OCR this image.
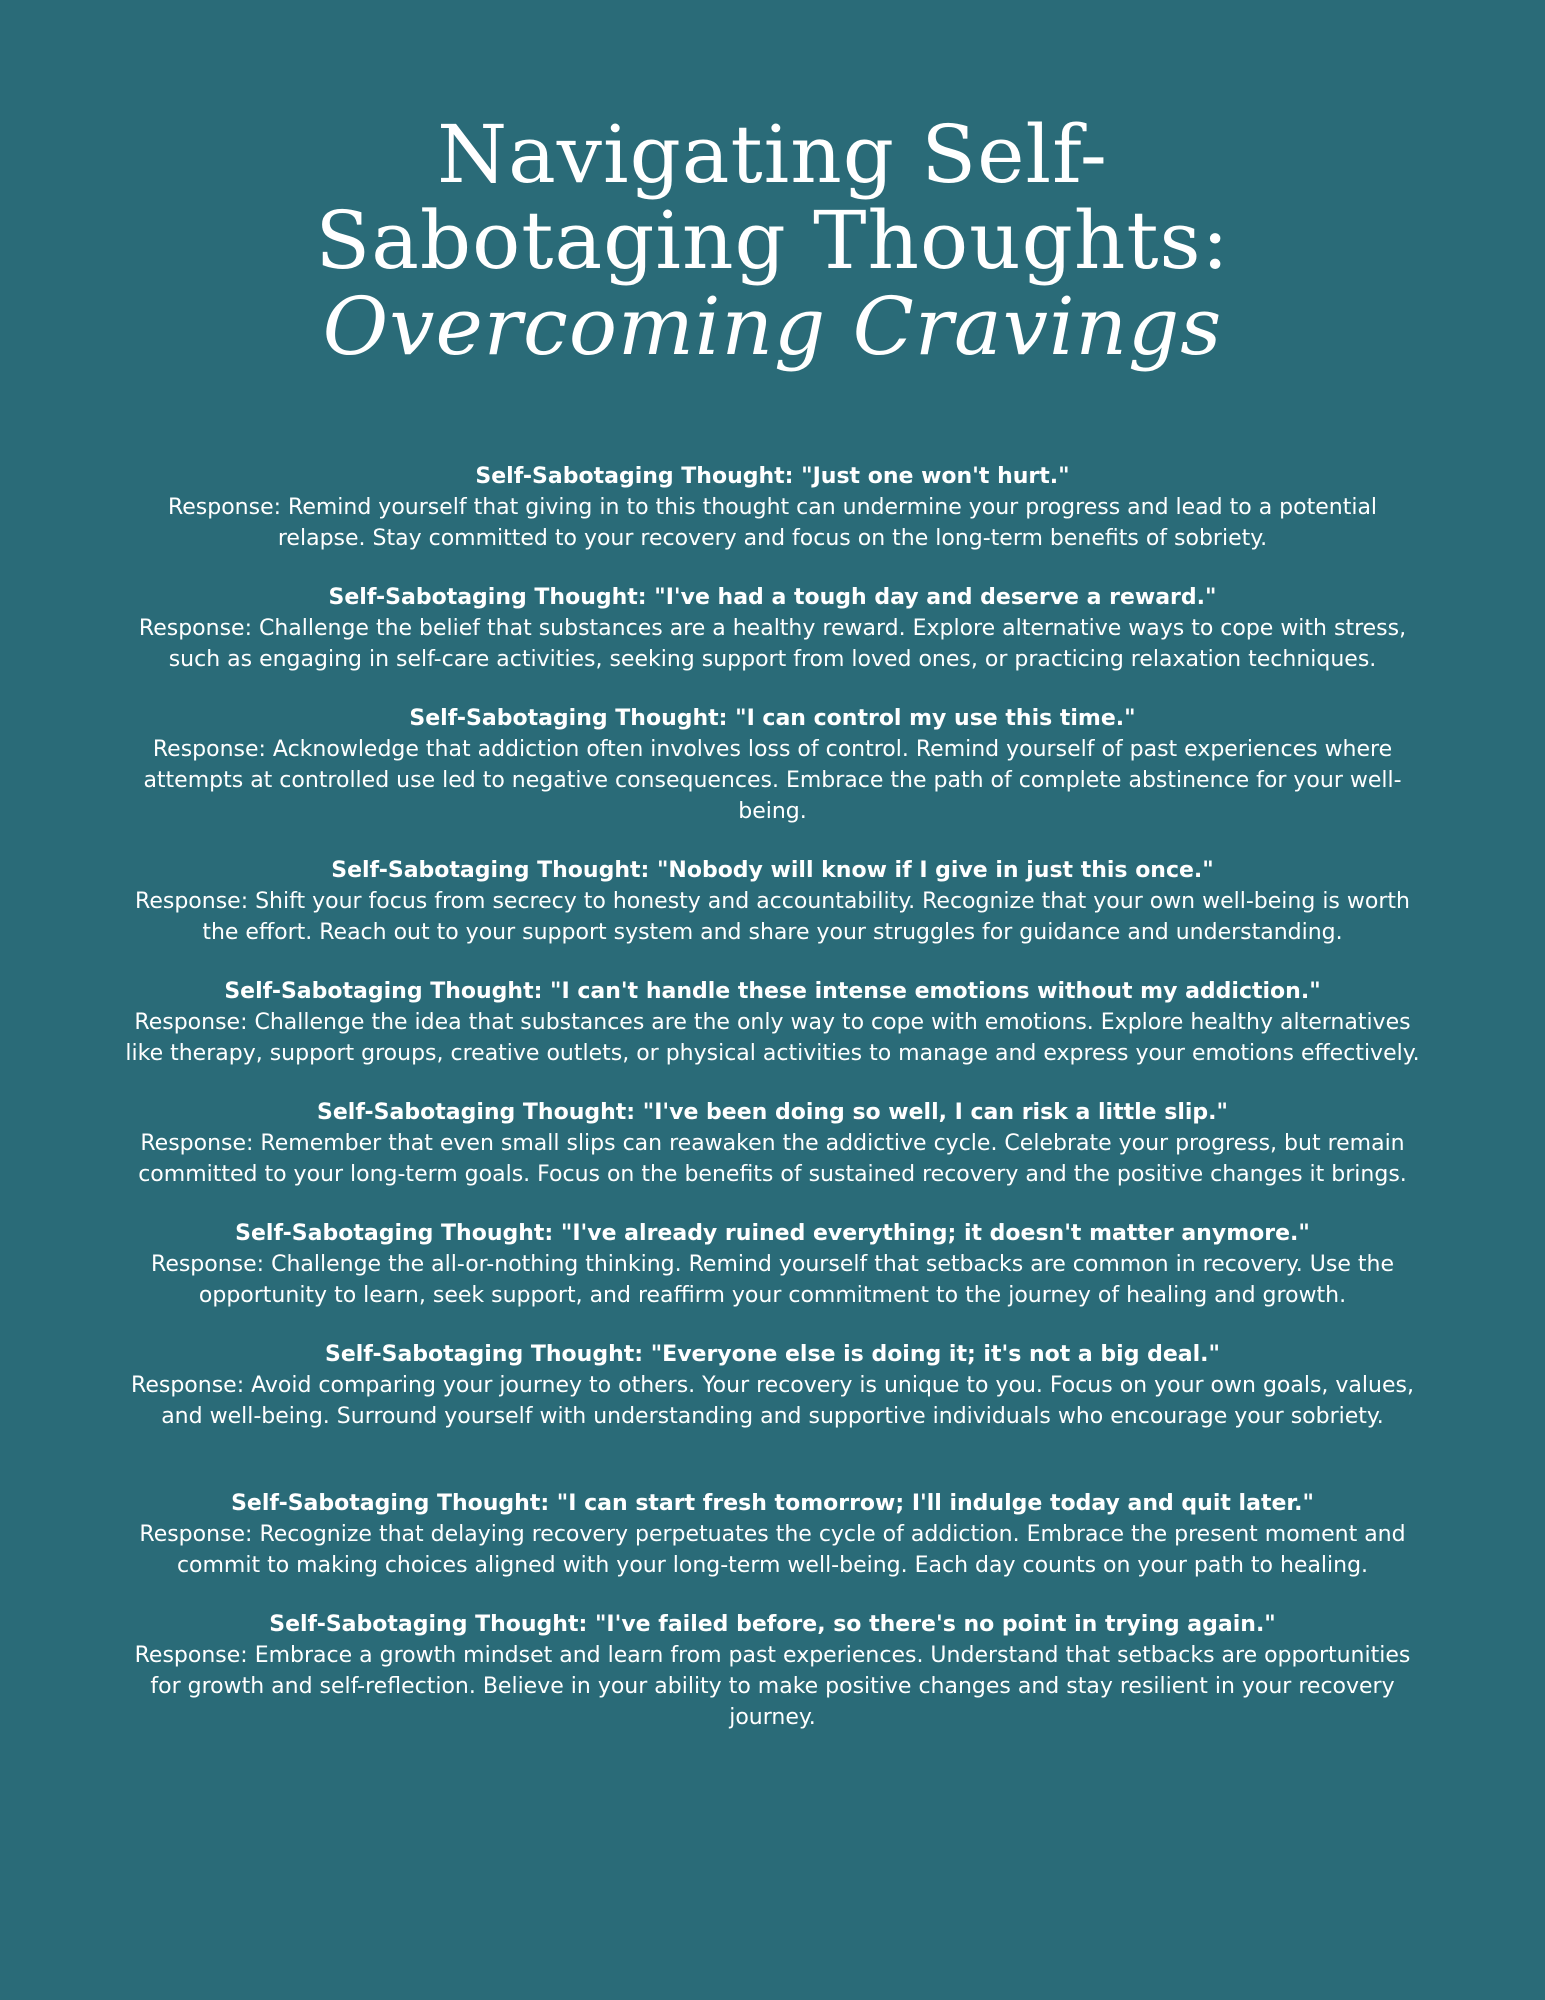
Navigating Self-
Sabotaging Thoughts:
Overcoming Cravings
Self-Sabotaging Thought: "Just one won't hurt."
Response: Remind yourself that giving in to this thought can undermine your progress and lead to a potential relapse. Stay committed to your recovery and focus on the long-term benefits of sobriety.
Self-Sabotaging Thought: "I've had a tough day and deserve a reward."
Response: Challenge the belief that substances are a healthy reward. Explore alternative ways to cope with stress, such as engaging in self-care activities, seeking support from loved ones, or practicing relaxation techniques.
Self-Sabotaging Thought: "I can control my use this time."
Response: Acknowledge that addiction often involves loss of control. Remind yourself of past experiences where attempts at controlled use led to negative consequences. Embrace the path of complete abstinence for your well-being.
Self-Sabotaging Thought: "Nobody will know if I give in just this once."
Response: Shift your focus from secrecy to honesty and accountability. Recognize that your own well-being is worth the effort. Reach out to your support system and share your struggles for guidance and understanding.
Self-Sabotaging Thought: "I can't handle these intense emotions without my addiction."
Response: Challenge the idea that substances are the only way to cope with emotions. Explore healthy alternatives like therapy, support groups, creative outlets, or physical activities to manage and express your emotions effectively.
Self-Sabotaging Thought: "I've been doing so well, I can risk a little slip."
Response: Remember that even small slips can reawaken the addictive cycle. Celebrate your progress, but remain committed to your long-term goals. Focus on the benefits of sustained recovery and the positive changes it brings.
Self-Sabotaging Thought: "I've already ruined everything; it doesn't matter anymore."
Response: Challenge the all-or-nothing thinking. Remind yourself that setbacks are common in recovery. Use the opportunity to learn, seek support, and reaffirm your commitment to the journey of healing and growth.
Self-Sabotaging Thought: "Everyone else is doing it; it's not a big deal."
Response: Avoid comparing your journey to others. Your recovery is unique to you. Focus on your own goals, values, and well-being. Surround yourself with understanding and supportive individuals who encourage your sobriety.
Self-Sabotaging Thought: "I can start fresh tomorrow; I'll indulge today and quit later."
Response: Recognize that delaying recovery perpetuates the cycle of addiction. Embrace the present moment and commit to making choices aligned with your long-term well-being. Each day counts on your path to healing.
Self-Sabotaging Thought: "I've failed before, so there's no point in trying again."
Response: Embrace a growth mindset and learn from past experiences. Understand that setbacks are opportunities for growth and self-reflection. Believe in your ability to make positive changes and stay resilient in your recovery journey.
